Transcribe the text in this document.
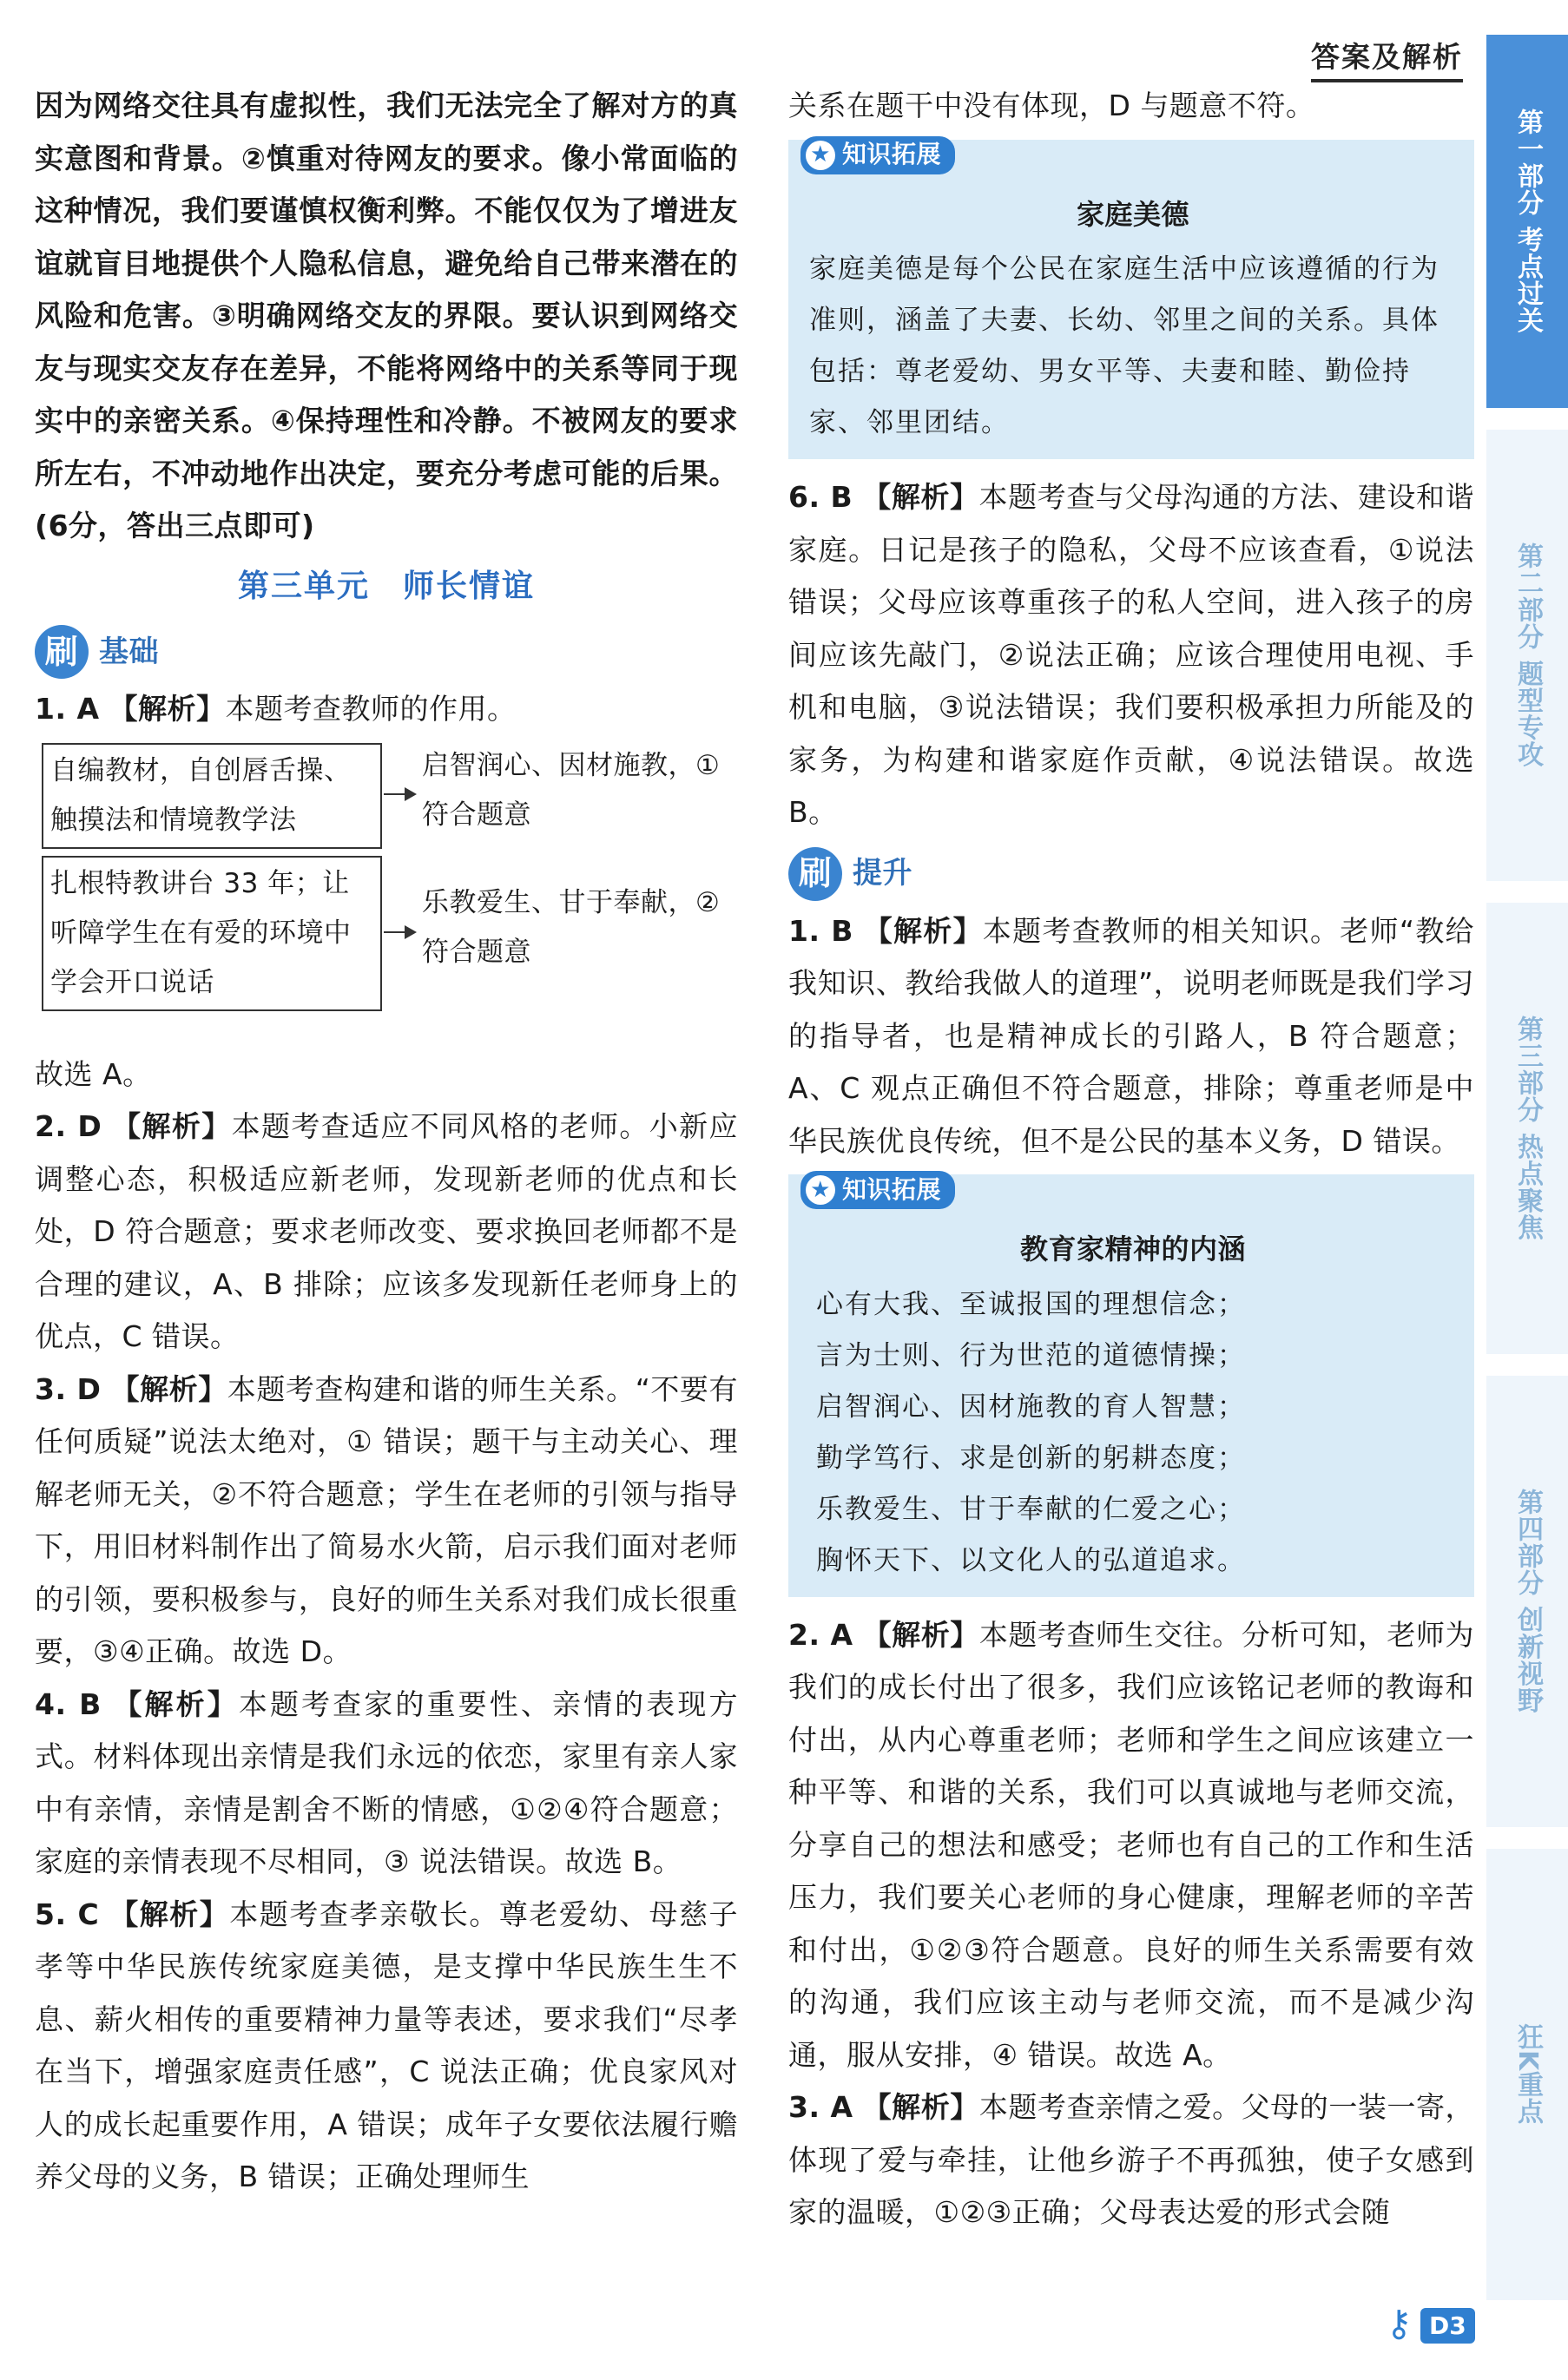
答案及解析
第一部分 考点过关
第二部分 题型专攻
第三部分 热点聚焦
第四部分 创新视野
狂K重点

因为网络交往具有虚拟性，我们无法完全了解对方的真实意图和背景。②慎重对待网友的要求。像小常面临的这种情况，我们要谨慎权衡利弊。不能仅仅为了增进友谊就盲目地提供个人隐私信息，避免给自己带来潜在的风险和危害。③明确网络交友的界限。要认识到网络交友与现实交友存在差异，不能将网络中的关系等同于现实中的亲密关系。④保持理性和冷静。不被网友的要求所左右，不冲动地作出决定，要充分考虑可能的后果。(6分，答出三点即可)

第三单元　师长情谊
刷 基础

1. A 【解析】本题考查教师的作用。

自编教材，自创唇舌操、触摸法和情境教学法
启智润心、因材施教，①符合题意
扎根特教讲台 33 年；让听障学生在有爱的环境中学会开口说话
乐教爱生、甘于奉献，②符合题意

故选 A。

2. D 【解析】本题考查适应不同风格的老师。小新应调整心态，积极适应新老师，发现新老师的优点和长处，D 符合题意；要求老师改变、要求换回老师都不是合理的建议，A、B 排除；应该多发现新任老师身上的优点，C 错误。

3. D 【解析】本题考查构建和谐的师生关系。“不要有任何质疑”说法太绝对，① 错误；题干与主动关心、理解老师无关，②不符合题意；学生在老师的引领与指导下，用旧材料制作出了简易水火箭，启示我们面对老师的引领，要积极参与，良好的师生关系对我们成长很重要，③④正确。故选 D。

4. B 【解析】本题考查家的重要性、亲情的表现方式。材料体现出亲情是我们永远的依恋，家里有亲人家中有亲情，亲情是割舍不断的情感，①②④符合题意；家庭的亲情表现不尽相同，③ 说法错误。故选 B。

5. C 【解析】本题考查孝亲敬长。尊老爱幼、母慈子孝等中华民族传统家庭美德，是支撑中华民族生生不息、薪火相传的重要精神力量等表述，要求我们“尽孝在当下，增强家庭责任感”，C 说法正确；优良家风对人的成长起重要作用，A 错误；成年子女要依法履行赡养父母的义务，B 错误；正确处理师生

关系在题干中没有体现，D 与题意不符。

★ 知识拓展
家庭美德
家庭美德是每个公民在家庭生活中应该遵循的行为准则，涵盖了夫妻、长幼、邻里之间的关系。具体包括：尊老爱幼、男女平等、夫妻和睦、勤俭持家、邻里团结。

6. B 【解析】本题考查与父母沟通的方法、建设和谐家庭。日记是孩子的隐私，父母不应该查看，①说法错误；父母应该尊重孩子的私人空间，进入孩子的房间应该先敲门，②说法正确；应该合理使用电视、手机和电脑，③说法错误；我们要积极承担力所能及的家务，为构建和谐家庭作贡献，④说法错误。故选 B。

刷 提升

1. B 【解析】本题考查教师的相关知识。老师“教给我知识、教给我做人的道理”，说明老师既是我们学习的指导者，也是精神成长的引路人，B 符合题意；A、C 观点正确但不符合题意，排除；尊重老师是中华民族优良传统，但不是公民的基本义务，D 错误。

★ 知识拓展
教育家精神的内涵
心有大我、至诚报国的理想信念；
言为士则、行为世范的道德情操；
启智润心、因材施教的育人智慧；
勤学笃行、求是创新的躬耕态度；
乐教爱生、甘于奉献的仁爱之心；
胸怀天下、以文化人的弘道追求。

2. A 【解析】本题考查师生交往。分析可知，老师为我们的成长付出了很多，我们应该铭记老师的教诲和付出，从内心尊重老师；老师和学生之间应该建立一种平等、和谐的关系，我们可以真诚地与老师交流，分享自己的想法和感受；老师也有自己的工作和生活压力，我们要关心老师的身心健康，理解老师的辛苦和付出，①②③符合题意。良好的师生关系需要有效的沟通，我们应该主动与老师交流，而不是减少沟通，服从安排，④ 错误。故选 A。

3. A 【解析】本题考查亲情之爱。父母的一装一寄，体现了爱与牵挂，让他乡游子不再孤独，使子女感到家的温暖，①②③正确；父母表达爱的形式会随

⚷ D3
